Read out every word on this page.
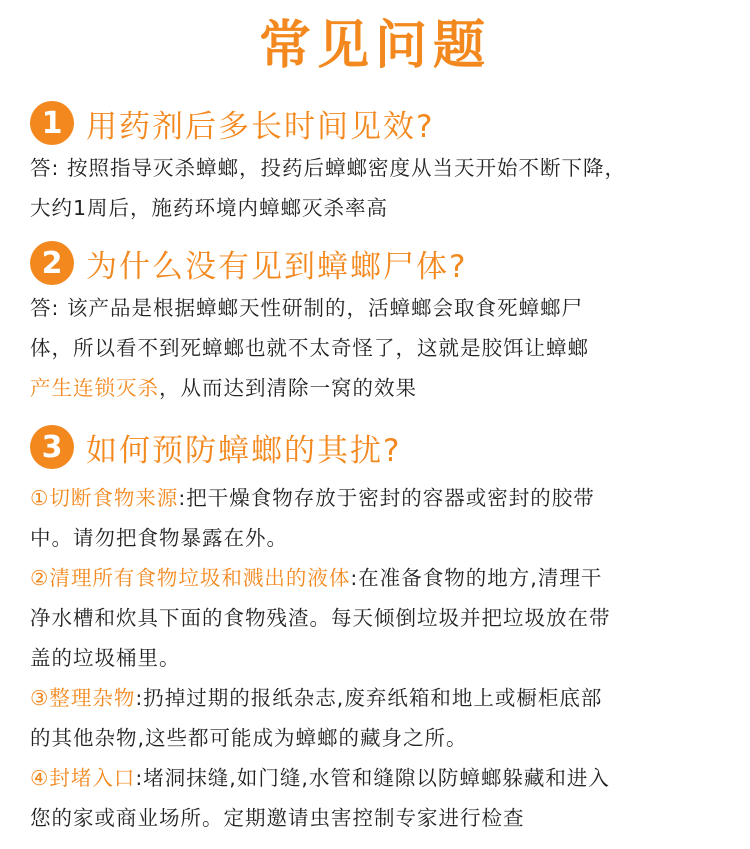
常见问题
1 用药剂后多长时间见效?
答: 按照指导灭杀蟑螂，投药后蟑螂密度从当天开始不断下降，
大约1周后，施药环境内蟑螂灭杀率高
2 为什么没有见到蟑螂尸体?
答: 该产品是根据蟑螂天性研制的，活蟑螂会取食死蟑螂尸
体，所以看不到死蟑螂也就不太奇怪了，这就是胶饵让蟑螂
产生连锁灭杀，从而达到清除一窝的效果
3 如何预防蟑螂的其扰?
①切断食物来源:把干燥食物存放于密封的容器或密封的胶带
中。请勿把食物暴露在外。
②清理所有食物垃圾和溅出的液体:在准备食物的地方,清理干
净水槽和炊具下面的食物残渣。每天倾倒垃圾并把垃圾放在带
盖的垃圾桶里。
③整理杂物:扔掉过期的报纸杂志,废弃纸箱和地上或橱柜底部
的其他杂物,这些都可能成为蟑螂的藏身之所。
④封堵入口:堵洞抹缝,如门缝,水管和缝隙以防蟑螂躲藏和进入
您的家或商业场所。定期邀请虫害控制专家进行检查
